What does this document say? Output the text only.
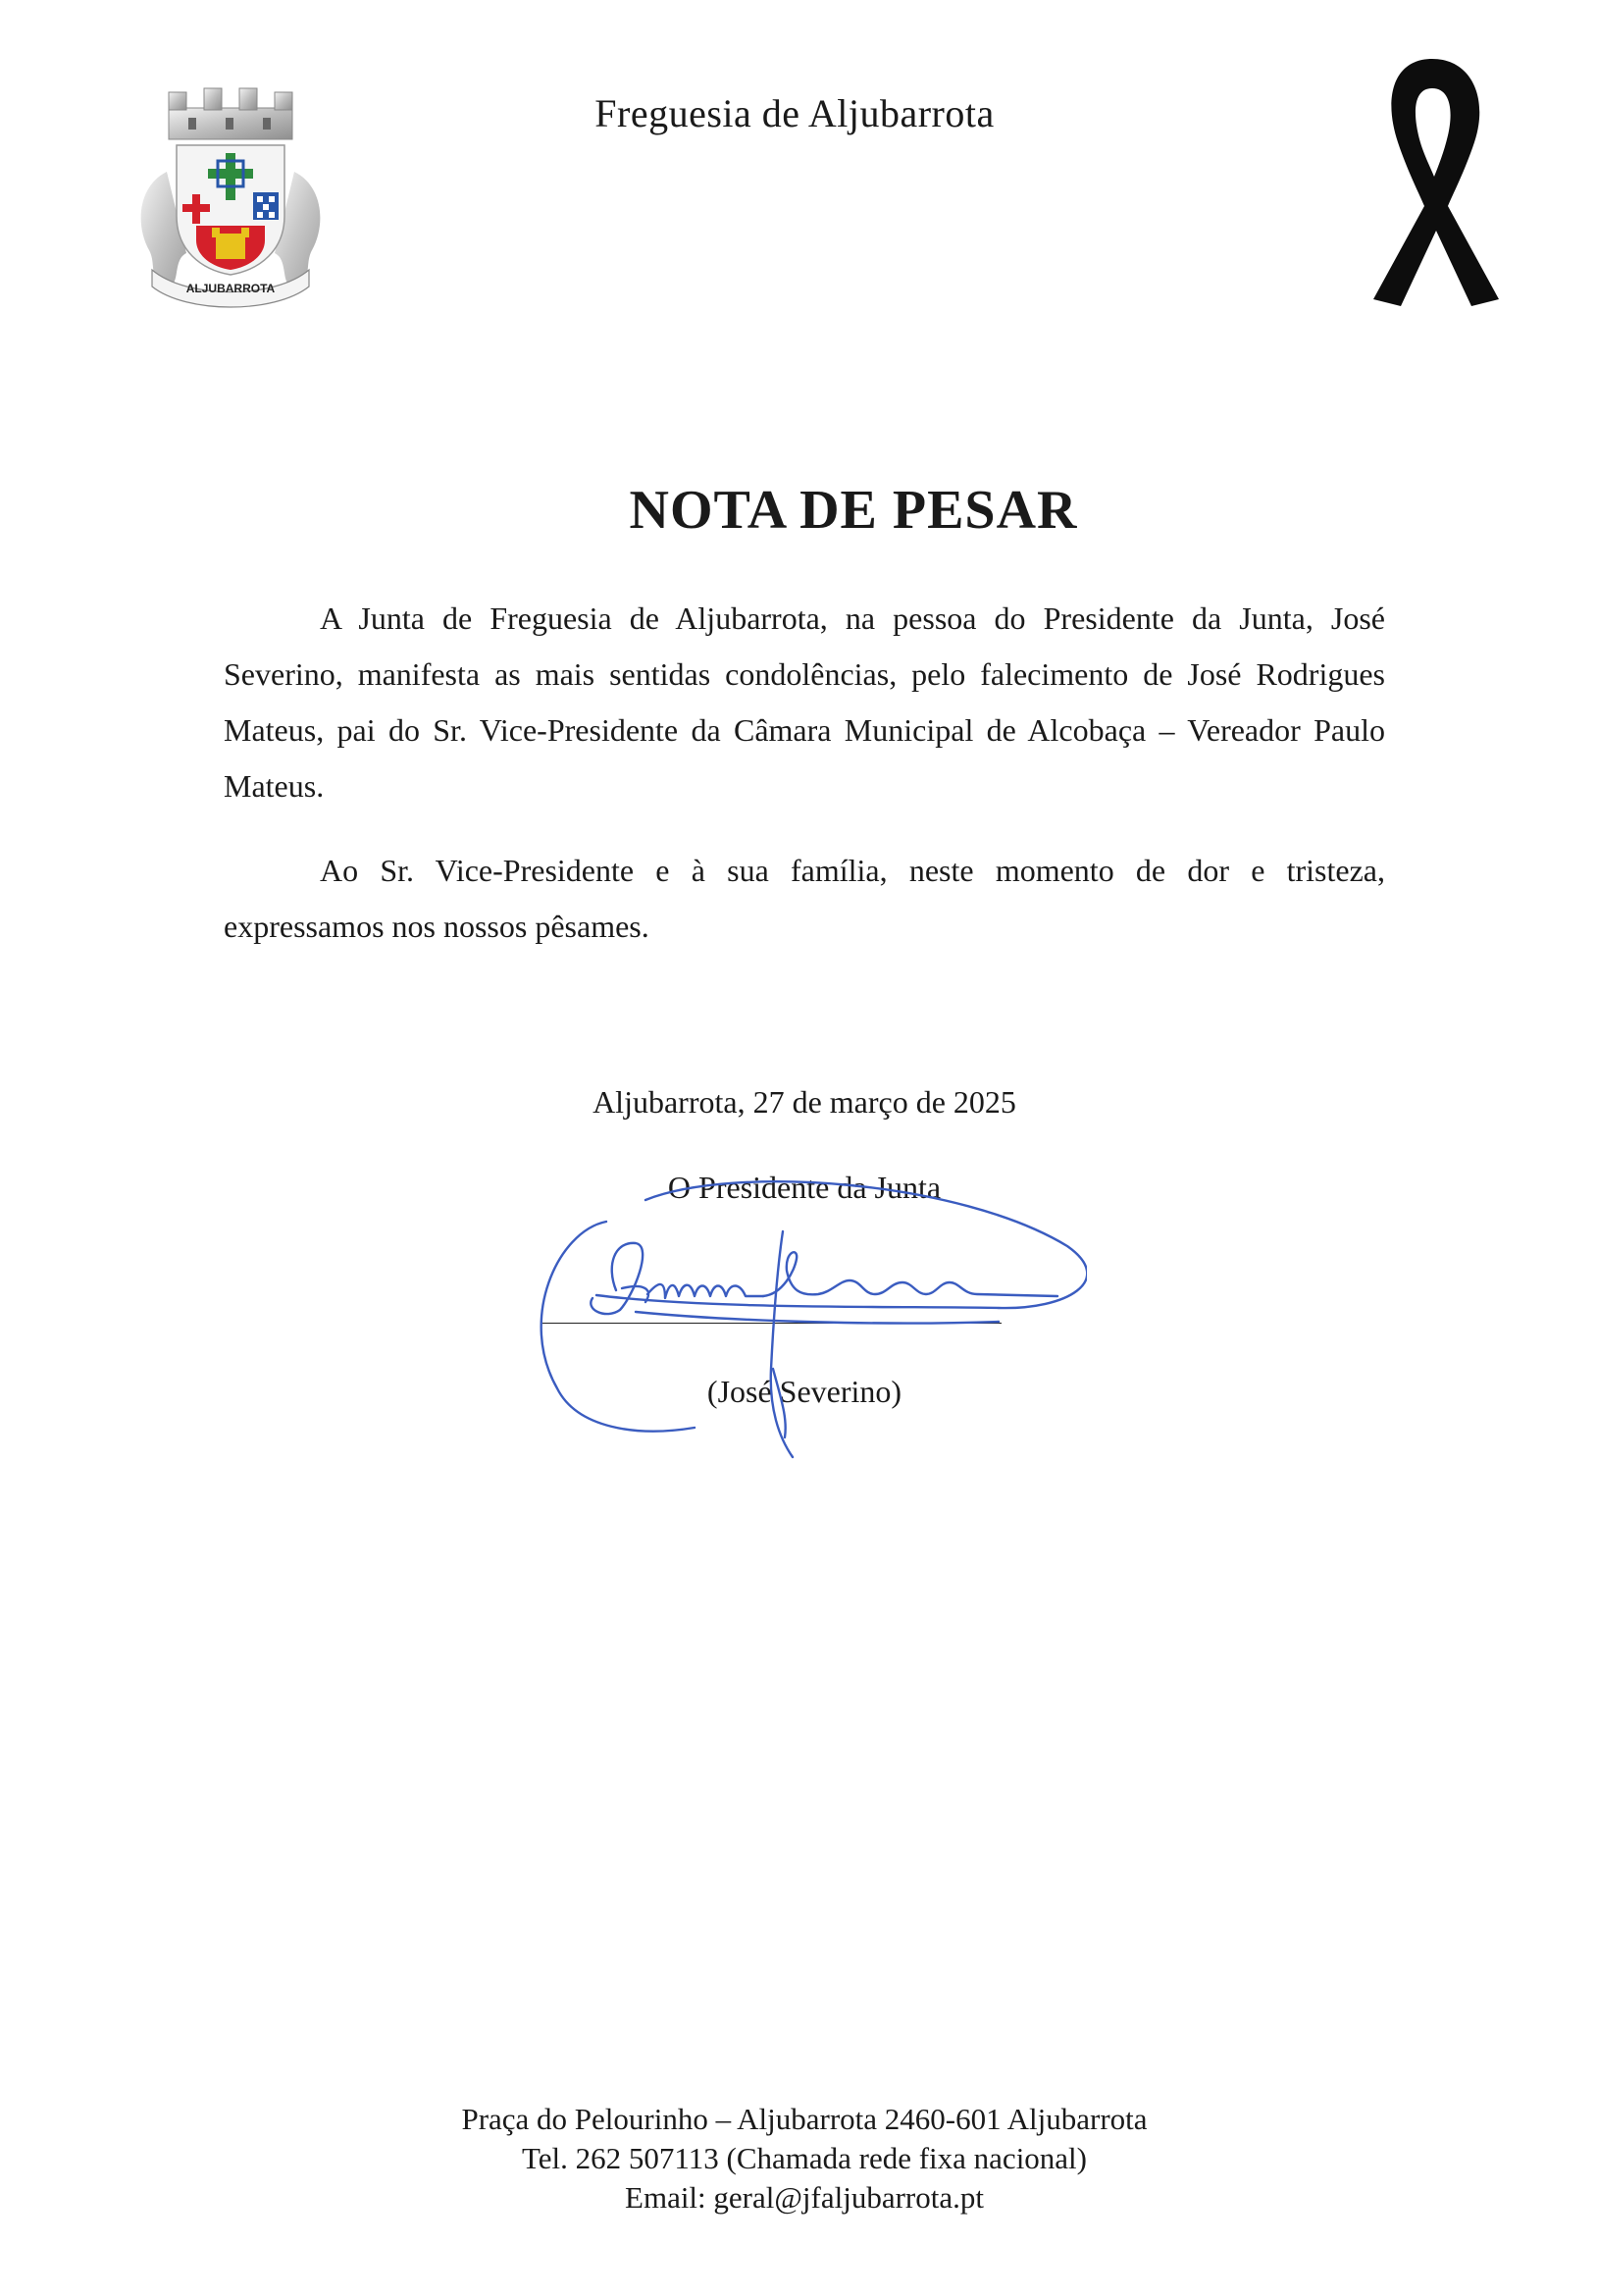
ALJUBARROTA
Freguesia de Aljubarrota
NOTA DE PESAR

A Junta de Freguesia de Aljubarrota, na pessoa do Presidente da Junta, José Severino, manifesta as mais sentidas condolências, pelo falecimento de José Rodrigues Mateus, pai do Sr. Vice-Presidente da Câmara Municipal de Alcobaça – Vereador Paulo Mateus.

Ao Sr. Vice-Presidente e à sua família, neste momento de dor e tristeza, expressamos nos nossos pêsames.

Aljubarrota, 27 de março de 2025
O Presidente da Junta
(José Severino)
Praça do Pelourinho – Aljubarrota 2460-601 Aljubarrota
Tel. 262 507113 (Chamada rede fixa nacional)
Email: geral@jfaljubarrota.pt
